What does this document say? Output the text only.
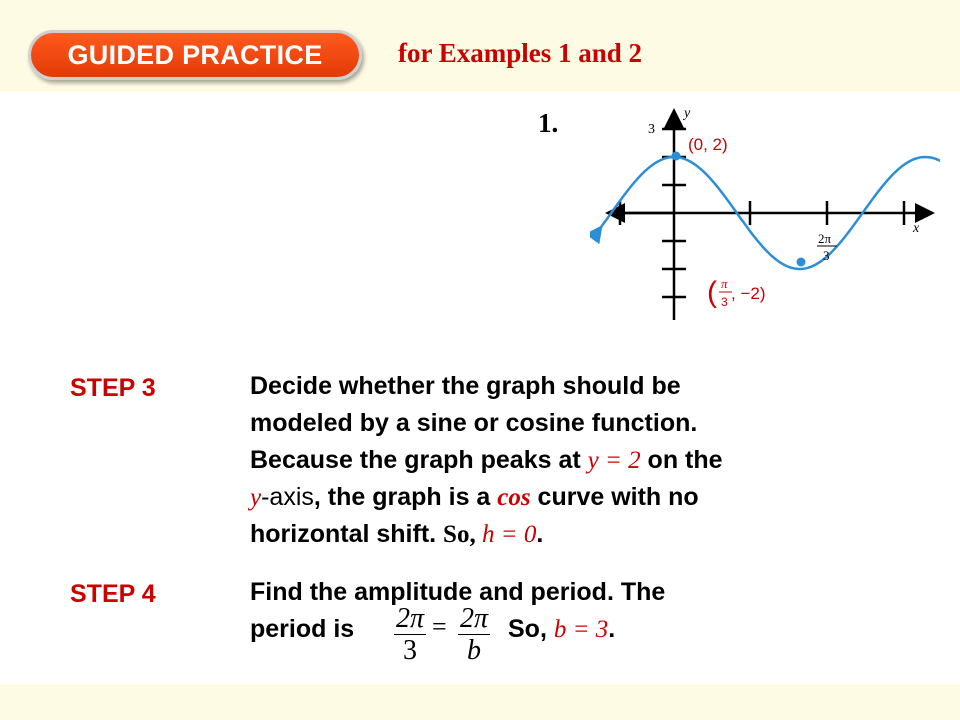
GUIDED PRACTICE	for Examples 1 and 2
1.	y
x
3
2π
3
(0, 2)
( π
3 , −2)
STEP 3	Decide whether the graph should be
modeled by a sine or cosine function.
Because the graph peaks at y = 2 on the
y-axis, the graph is a cos curve with no
horizontal shift. So, h = 0.
STEP 4	Find the amplitude and period. The
period is	So, b = 3.
$\frac{2\pi}{3} = \frac{2\pi}{b}$
